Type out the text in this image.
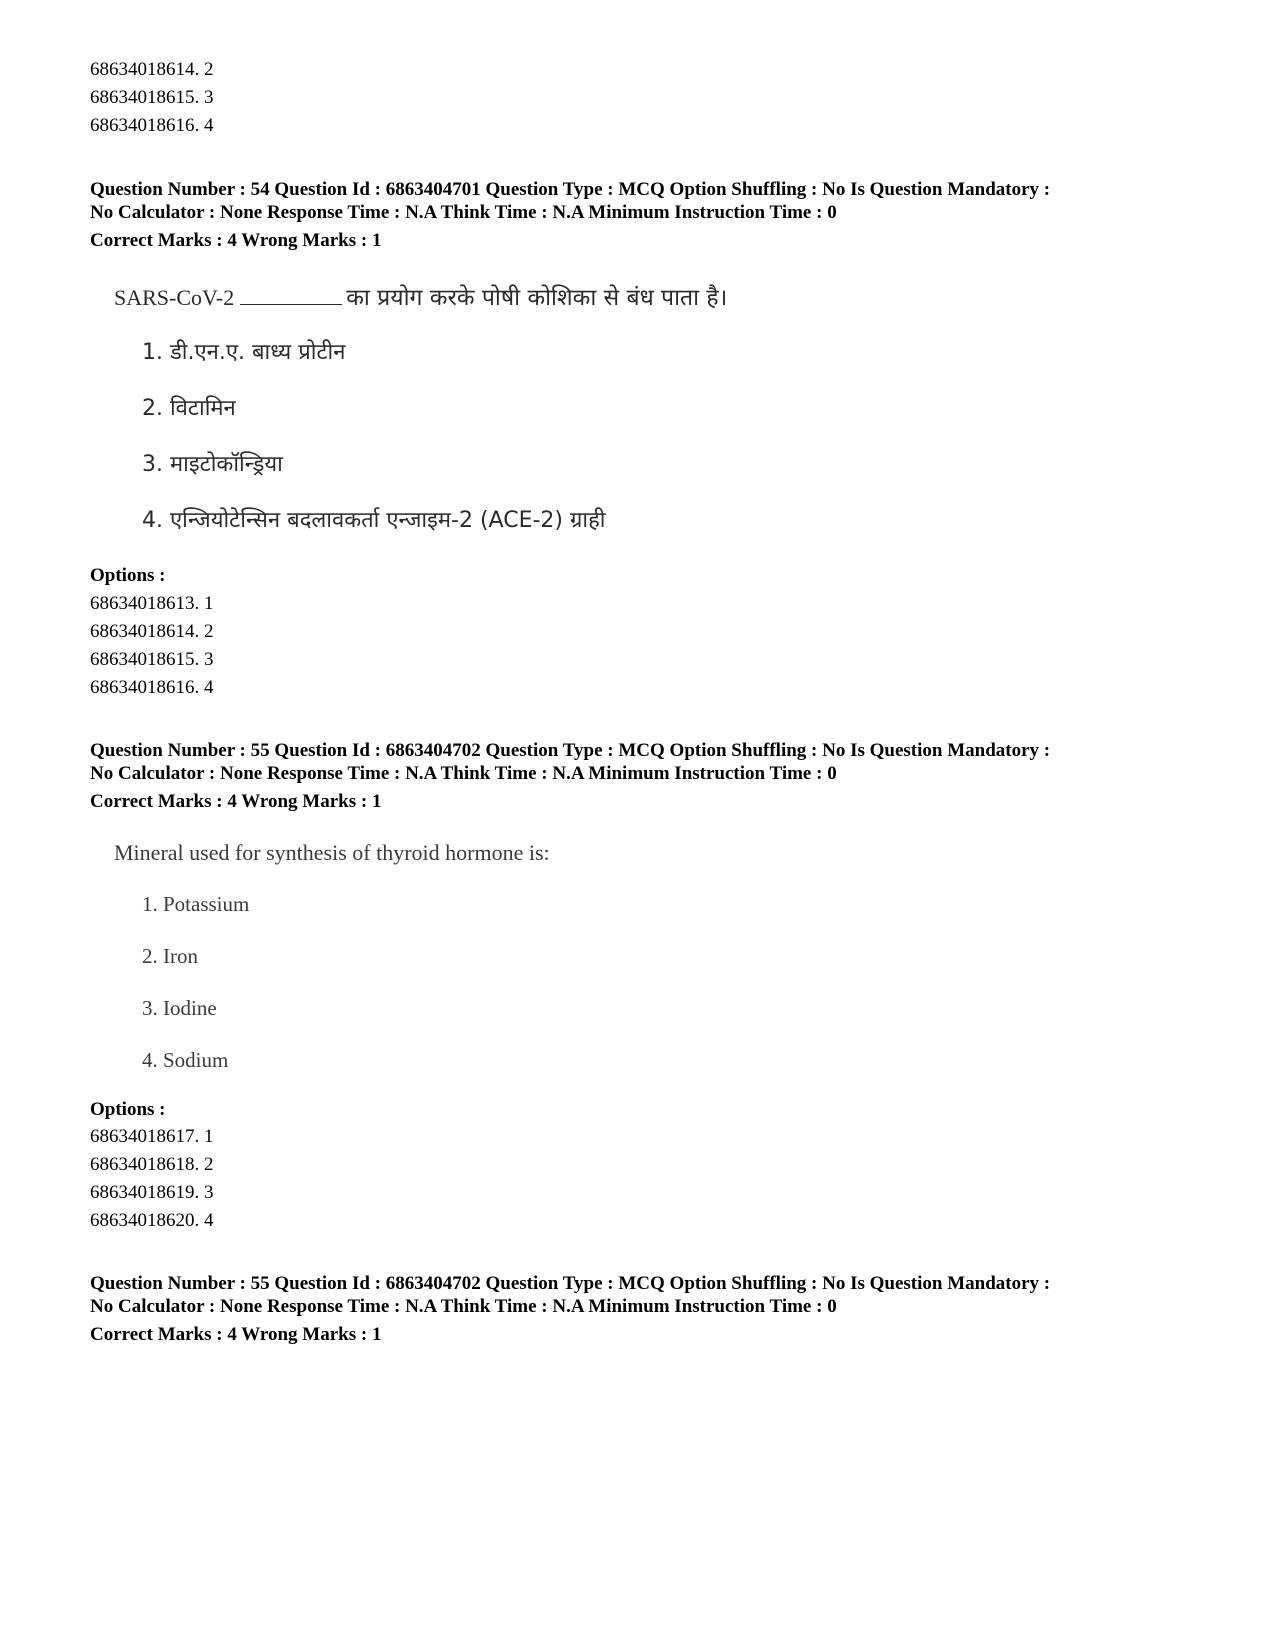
68634018614. 2
68634018615. 3
68634018616. 4
Question Number : 54 Question Id : 6863404701 Question Type : MCQ Option Shuffling : No Is Question Mandatory :
No Calculator : None Response Time : N.A Think Time : N.A Minimum Instruction Time : 0
Correct Marks : 4 Wrong Marks : 1
SARS-CoV-2	का प्रयोग करके पोषी कोशिका से बंध पाता है।
1. डी.एन.ए. बाध्य प्रोटीन
2. विटामिन
3. माइटोकॉन्ड्रिया
4. एन्जियोटेन्सिन बदलावकर्ता एन्जाइम-2 (ACE-2) ग्राही
Options :
68634018613. 1
68634018614. 2
68634018615. 3
68634018616. 4
Question Number : 55 Question Id : 6863404702 Question Type : MCQ Option Shuffling : No Is Question Mandatory :
No Calculator : None Response Time : N.A Think Time : N.A Minimum Instruction Time : 0
Correct Marks : 4 Wrong Marks : 1
Mineral used for synthesis of thyroid hormone is:
1. Potassium
2. Iron
3. Iodine
4. Sodium
Options :
68634018617. 1
68634018618. 2
68634018619. 3
68634018620. 4
Question Number : 55 Question Id : 6863404702 Question Type : MCQ Option Shuffling : No Is Question Mandatory :
No Calculator : None Response Time : N.A Think Time : N.A Minimum Instruction Time : 0
Correct Marks : 4 Wrong Marks : 1
